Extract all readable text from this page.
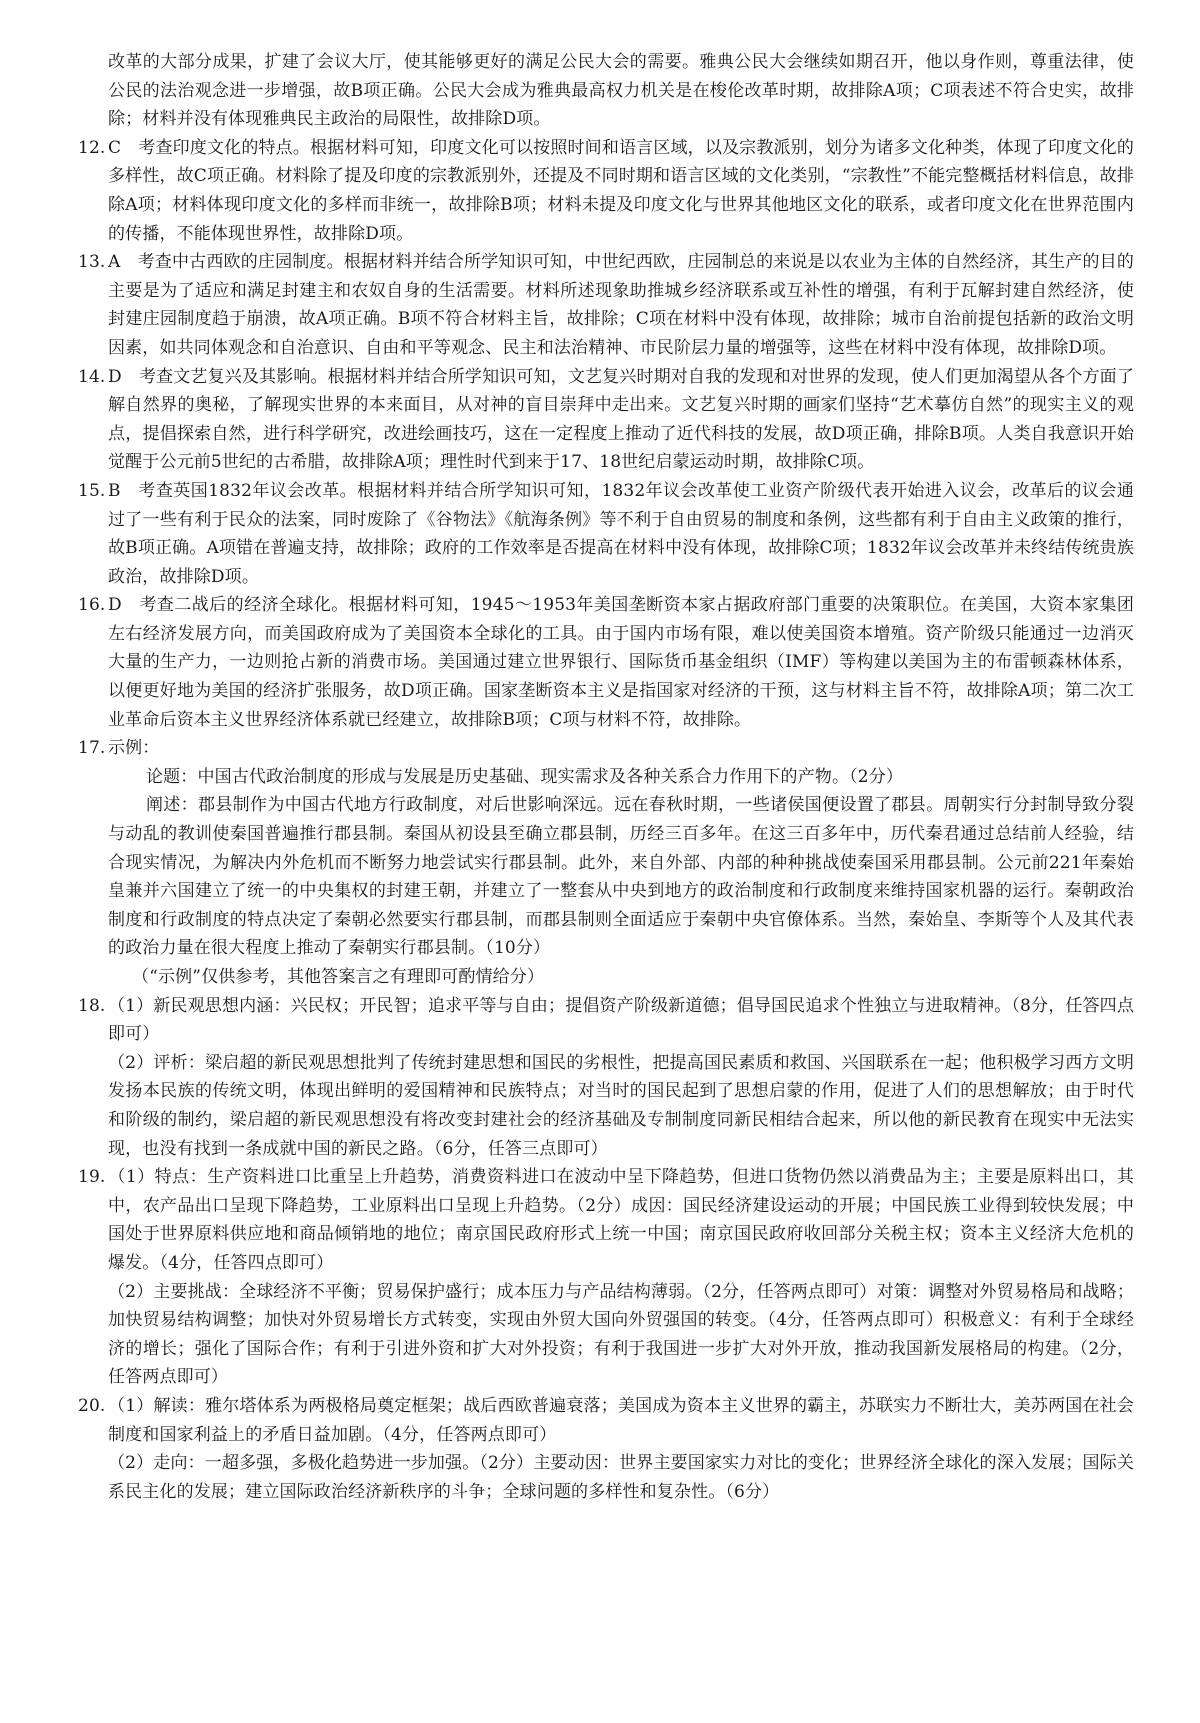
改革的大部分成果，扩建了会议大厅，使其能够更好的满足公民大会的需要。雅典公民大会继续如期召开，他以身作则，尊重法律，使公民的法治观念进一步增强，故B项正确。公民大会成为雅典最高权力机关是在梭伦改革时期，故排除A项；C项表述不符合史实，故排除；材料并没有体现雅典民主政治的局限性，故排除D项。

12. C　考查印度文化的特点。根据材料可知，印度文化可以按照时间和语言区域，以及宗教派别，划分为诸多文化种类，体现了印度文化的多样性，故C项正确。材料除了提及印度的宗教派别外，还提及不同时期和语言区域的文化类别，“宗教性”不能完整概括材料信息，故排除A项；材料体现印度文化的多样而非统一，故排除B项；材料未提及印度文化与世界其他地区文化的联系，或者印度文化在世界范围内的传播，不能体现世界性，故排除D项。

13. A　考查中古西欧的庄园制度。根据材料并结合所学知识可知，中世纪西欧，庄园制总的来说是以农业为主体的自然经济，其生产的目的主要是为了适应和满足封建主和农奴自身的生活需要。材料所述现象助推城乡经济联系或互补性的增强，有利于瓦解封建自然经济，使封建庄园制度趋于崩溃，故A项正确。B项不符合材料主旨，故排除；C项在材料中没有体现，故排除；城市自治前提包括新的政治文明因素，如共同体观念和自治意识、自由和平等观念、民主和法治精神、市民阶层力量的增强等，这些在材料中没有体现，故排除D项。

14. D　考查文艺复兴及其影响。根据材料并结合所学知识可知，文艺复兴时期对自我的发现和对世界的发现，使人们更加渴望从各个方面了解自然界的奥秘，了解现实世界的本来面目，从对神的盲目崇拜中走出来。文艺复兴时期的画家们坚持“艺术摹仿自然”的现实主义的观点，提倡探索自然，进行科学研究，改进绘画技巧，这在一定程度上推动了近代科技的发展，故D项正确，排除B项。人类自我意识开始觉醒于公元前5世纪的古希腊，故排除A项；理性时代到来于17、18世纪启蒙运动时期，故排除C项。

15. B　考查英国1832年议会改革。根据材料并结合所学知识可知，1832年议会改革使工业资产阶级代表开始进入议会，改革后的议会通过了一些有利于民众的法案，同时废除了《谷物法》《航海条例》等不利于自由贸易的制度和条例，这些都有利于自由主义政策的推行，故B项正确。A项错在普遍支持，故排除；政府的工作效率是否提高在材料中没有体现，故排除C项；1832年议会改革并未终结传统贵族政治，故排除D项。

16. D　考查二战后的经济全球化。根据材料可知，1945～1953年美国垄断资本家占据政府部门重要的决策职位。在美国，大资本家集团左右经济发展方向，而美国政府成为了美国资本全球化的工具。由于国内市场有限，难以使美国资本增殖。资产阶级只能通过一边消灭大量的生产力，一边则抢占新的消费市场。美国通过建立世界银行、国际货币基金组织（IMF）等构建以美国为主的布雷顿森林体系，以便更好地为美国的经济扩张服务，故D项正确。国家垄断资本主义是指国家对经济的干预，这与材料主旨不符，故排除A项；第二次工业革命后资本主义世界经济体系就已经建立，故排除B项；C项与材料不符，故排除。

17. 示例：

论题：中国古代政治制度的形成与发展是历史基础、现实需求及各种关系合力作用下的产物。（2分）

阐述：郡县制作为中国古代地方行政制度，对后世影响深远。远在春秋时期，一些诸侯国便设置了郡县。周朝实行分封制导致分裂与动乱的教训使秦国普遍推行郡县制。秦国从初设县至确立郡县制，历经三百多年。在这三百多年中，历代秦君通过总结前人经验，结合现实情况，为解决内外危机而不断努力地尝试实行郡县制。此外，来自外部、内部的种种挑战使秦国采用郡县制。公元前221年秦始皇兼并六国建立了统一的中央集权的封建王朝，并建立了一整套从中央到地方的政治制度和行政制度来维持国家机器的运行。秦朝政治制度和行政制度的特点决定了秦朝必然要实行郡县制，而郡县制则全面适应于秦朝中央官僚体系。当然，秦始皇、李斯等个人及其代表的政治力量在很大程度上推动了秦朝实行郡县制。（10分）

（“示例”仅供参考，其他答案言之有理即可酌情给分）

18. （1）新民观思想内涵：兴民权；开民智；追求平等与自由；提倡资产阶级新道德；倡导国民追求个性独立与进取精神。（8分，任答四点即可）

（2）评析：梁启超的新民观思想批判了传统封建思想和国民的劣根性，把提高国民素质和救国、兴国联系在一起；他积极学习西方文明发扬本民族的传统文明，体现出鲜明的爱国精神和民族特点；对当时的国民起到了思想启蒙的作用，促进了人们的思想解放；由于时代和阶级的制约，梁启超的新民观思想没有将改变封建社会的经济基础及专制制度同新民相结合起来，所以他的新民教育在现实中无法实现，也没有找到一条成就中国的新民之路。（6分，任答三点即可）

19. （1）特点：生产资料进口比重呈上升趋势，消费资料进口在波动中呈下降趋势，但进口货物仍然以消费品为主；主要是原料出口，其中，农产品出口呈现下降趋势，工业原料出口呈现上升趋势。（2分）成因：国民经济建设运动的开展；中国民族工业得到较快发展；中国处于世界原料供应地和商品倾销地的地位；南京国民政府形式上统一中国；南京国民政府收回部分关税主权；资本主义经济大危机的爆发。（4分，任答四点即可）

（2）主要挑战：全球经济不平衡；贸易保护盛行；成本压力与产品结构薄弱。（2分，任答两点即可）对策：调整对外贸易格局和战略；加快贸易结构调整；加快对外贸易增长方式转变，实现由外贸大国向外贸强国的转变。（4分，任答两点即可）积极意义：有利于全球经济的增长；强化了国际合作；有利于引进外资和扩大对外投资；有利于我国进一步扩大对外开放，推动我国新发展格局的构建。（2分，任答两点即可）

20. （1）解读：雅尔塔体系为两极格局奠定框架；战后西欧普遍衰落；美国成为资本主义世界的霸主，苏联实力不断壮大，美苏两国在社会制度和国家利益上的矛盾日益加剧。（4分，任答两点即可）

（2）走向：一超多强，多极化趋势进一步加强。（2分）主要动因：世界主要国家实力对比的变化；世界经济全球化的深入发展；国际关系民主化的发展；建立国际政治经济新秩序的斗争；全球问题的多样性和复杂性。（6分）
